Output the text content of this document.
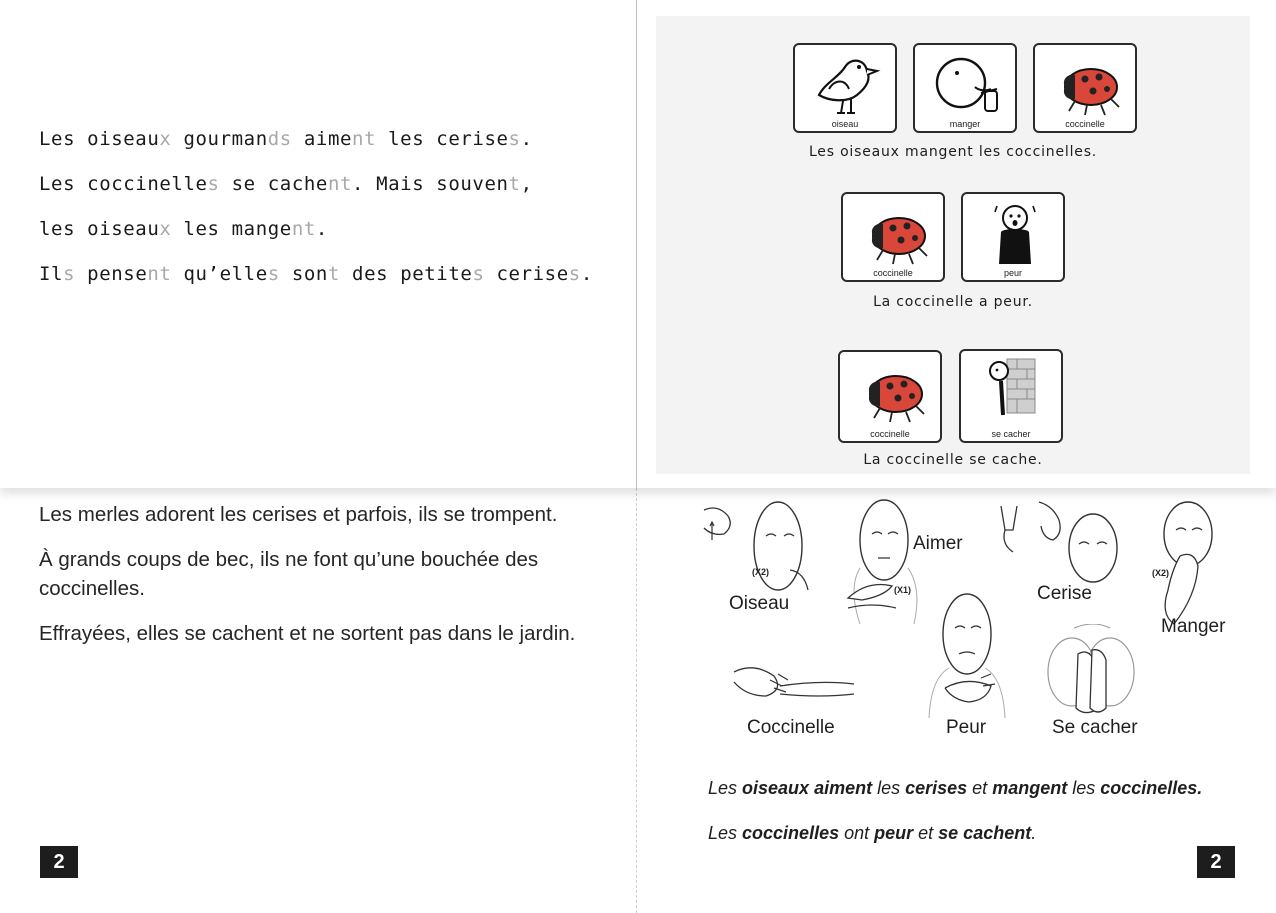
Les oiseaux gourmands aiment les cerises.
Les coccinelles se cachent. Mais souvent,
les oiseaux les mangent.
Ils pensent qu’elles sont des petites cerises.
oiseau	manger	coccinelle
Les oiseaux mangent les coccinelles.
coccinelle	peur
La coccinelle a peur.
coccinelle	se cacher
La coccinelle se cache.

Les merles adorent les cerises et parfois, ils se trompent.

À grands coups de bec, ils ne font qu’une bouchée des coccinelles.

Effrayées, elles se cachent et ne sortent pas dans le jardin.

(X2)
Oiseau
(X1)
Aimer
Cerise
(X2)
Manger
Coccinelle	Peur	Se cacher
Les oiseaux aiment les cerises et mangent les coccinelles.
Les coccinelles ont peur et se cachent.
2	2
